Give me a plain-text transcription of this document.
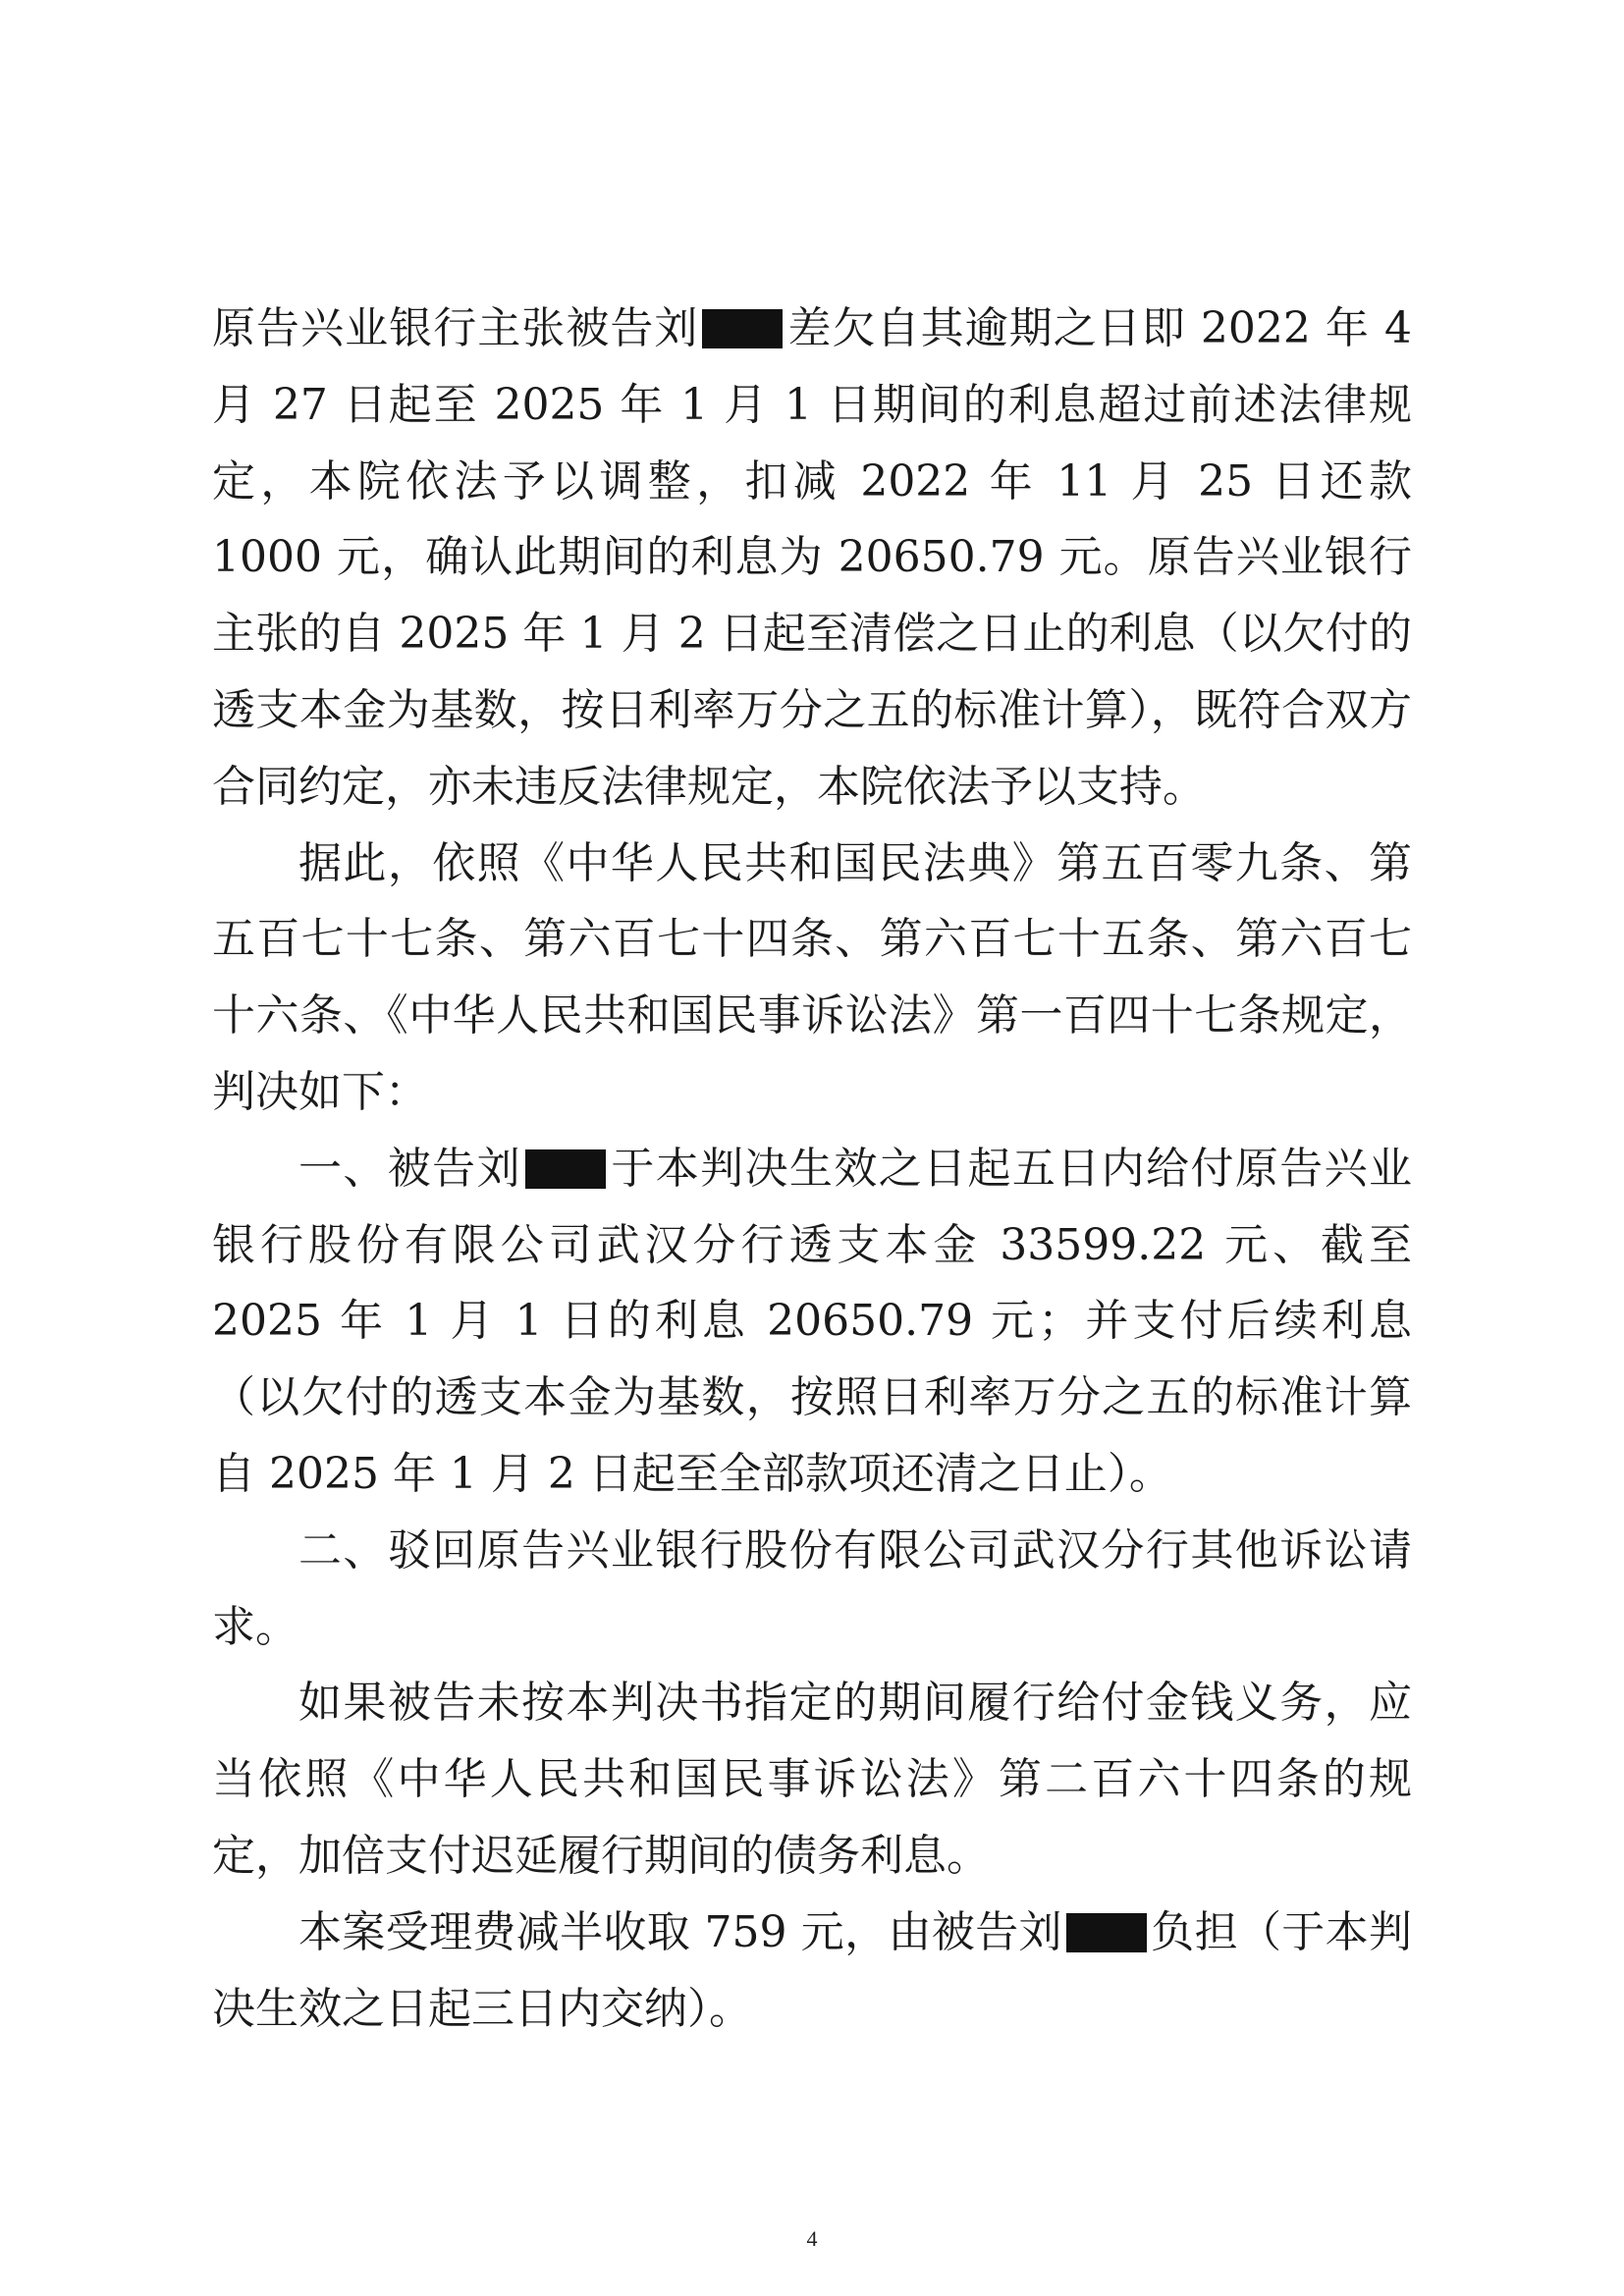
原告兴业银行主张被告刘 差欠自其逾期之日即 2022 年 4 月 27 日起至 2025 年 1 月 1 日期间的利息超过前述法律规定，本院依法予以调整，扣减 2022 年 11 月 25 日还款 1000 元，确认此期间的利息为 20650.79 元。原告兴业银行主张的自 2025 年 1 月 2 日起至清偿之日止的利息（以欠付的透支本金为基数，按日利率万分之五的标准计算），既符合双方合同约定，亦未违反法律规定，本院依法予以支持。

据此，依照《中华人民共和国民法典》第五百零九条、第五百七十七条、第六百七十四条、第六百七十五条、第六百七十六条、《中华人民共和国民事诉讼法》第一百四十七条规定，判决如下：

一、被告刘 于本判决生效之日起五日内给付原告兴业银行股份有限公司武汉分行透支本金 33599.22 元、截至 2025 年 1 月 1 日的利息 20650.79 元；并支付后续利息（以欠付的透支本金为基数，按照日利率万分之五的标准计算自 2025 年 1 月 2 日起至全部款项还清之日止）。

二、驳回原告兴业银行股份有限公司武汉分行其他诉讼请求。

如果被告未按本判决书指定的期间履行给付金钱义务，应当依照《中华人民共和国民事诉讼法》第二百六十四条的规定，加倍支付迟延履行期间的债务利息。

本案受理费减半收取 759 元，由被告刘 负担（于本判决生效之日起三日内交纳）。

4
